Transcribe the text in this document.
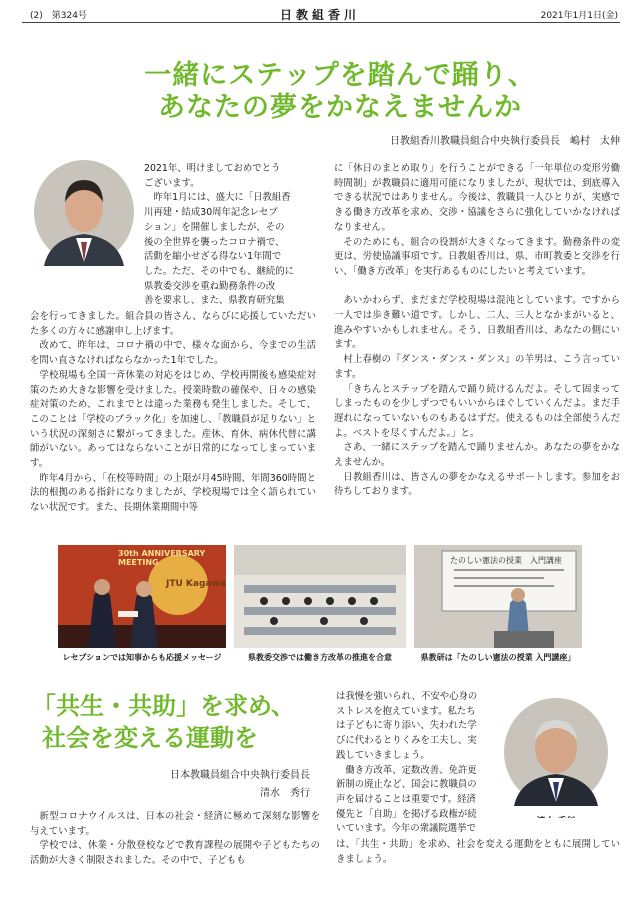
(2)　第324号	日教組香川	2021年1月1日(金)
一緒にステップを踏んで踊り、
あなたの夢をかなえませんか
日教組香川教職員組合中央執行委員長　嶋村　太伸
2021年、明けましておめでとう
ございます。
　昨年1月には、盛大に「日教組香
川再建・結成30周年記念レセプ
ション」を開催しましたが、その
後の全世界を襲ったコロナ禍で、
活動を縮小せざる得ない1年間で
した。ただ、その中でも、継続的に
県教委交渉を重ね勤務条件の改
善を要求し、また、県教育研究集

会を行ってきました。組合員の皆さん、ならびに応援していただいた多くの方々に感謝申し上げます。

改めて、昨年は、コロナ禍の中で、様々な面から、今までの生活を問い直さなければならなかった1年でした。

学校現場も全国一斉休業の対応をはじめ、学校再開後も感染症対策のため大きな影響を受けました。授業時数の確保や、日々の感染症対策のため、これまでとは違った業務も発生しました。そして、このことは「学校のブラック化」を加速し、「教職員が足りない」という状況の深刻さに繋がってきました。産休、育休、病休代替に講師がいない。あってはならないことが日常的になってしまっています。

昨年4月から、「在校等時間」の上限が月45時間、年間360時間と法的根拠のある指針になりましたが、学校現場では全く語られていない状況です。また、長期休業期間中等

に「休日のまとめ取り」を行うことができる「一年単位の変形労働時間制」が教職員に適用可能になりましたが、現状では、到底導入できる状況ではありません。今後は、教職員一人ひとりが、実感できる働き方改革を求め、交渉・協議をさらに強化していかなければなりません。

そのためにも、組合の役割が大きくなってきます。勤務条件の変更は、労使協議事項です。日教組香川は、県、市町教委と交渉を行い、「働き方改革」を実行あるものにしたいと考えています。

あいかわらず、まだまだ学校現場は混沌としています。ですから一人では歩き難い道です。しかし、二人、三人となかまがいると、進みやすいかもしれません。そう、日教組香川は、あなたの側にいます。

村上春樹の『ダンス・ダンス・ダンス』の羊男は、こう言っています。

「きちんとステップを踏んで踊り続けるんだよ。そして固まってしまったものを少しずつでもいいからほぐしていくんだよ。まだ手遅れになっていないものもあるはずだ。使えるものは全部使うんだよ。ベストを尽くすんだよ。」と。

さあ、一緒にステップを踏んで踊りませんか。あなたの夢をかなえませんか。

日教組香川は、皆さんの夢をかなえるサポートします。参加をお待ちしております。

30th ANNIVERSARY MEETING
JTU Kagawa
レセプションでは知事からも応援メッセージ	県教委交渉では働き方改革の推進を合意
たのしい憲法の授業　入門講座
県教研は「たのしい憲法の授業 入門講座」
「共生・共助」を求め、
社会を変える運動を
日本教職員組合中央執行委員長
清水　秀行

新型コロナウイルスは、日本の社会・経済に極めて深刻な影響を与えています。

学校では、休業・分散登校などで教育課程の展開や子どもたちの活動が大きく制限されました。その中で、子どもも

は我慢を強いられ、不安や心身の
ストレスを抱えています。私たち
は子どもに寄り添い、失われた学
びに代わるとりくみを工夫し、実
践していきましょう。
　働き方改革、定数改善、免許更
新制の廃止など、国会に教職員の
声を届けることは重要です。経済
優先と「自助」を掲げる政権が続
いています。今年の衆議院選挙で
は、「共生・共助」を求め、社会を変える運動をともに展開していきましょう。
